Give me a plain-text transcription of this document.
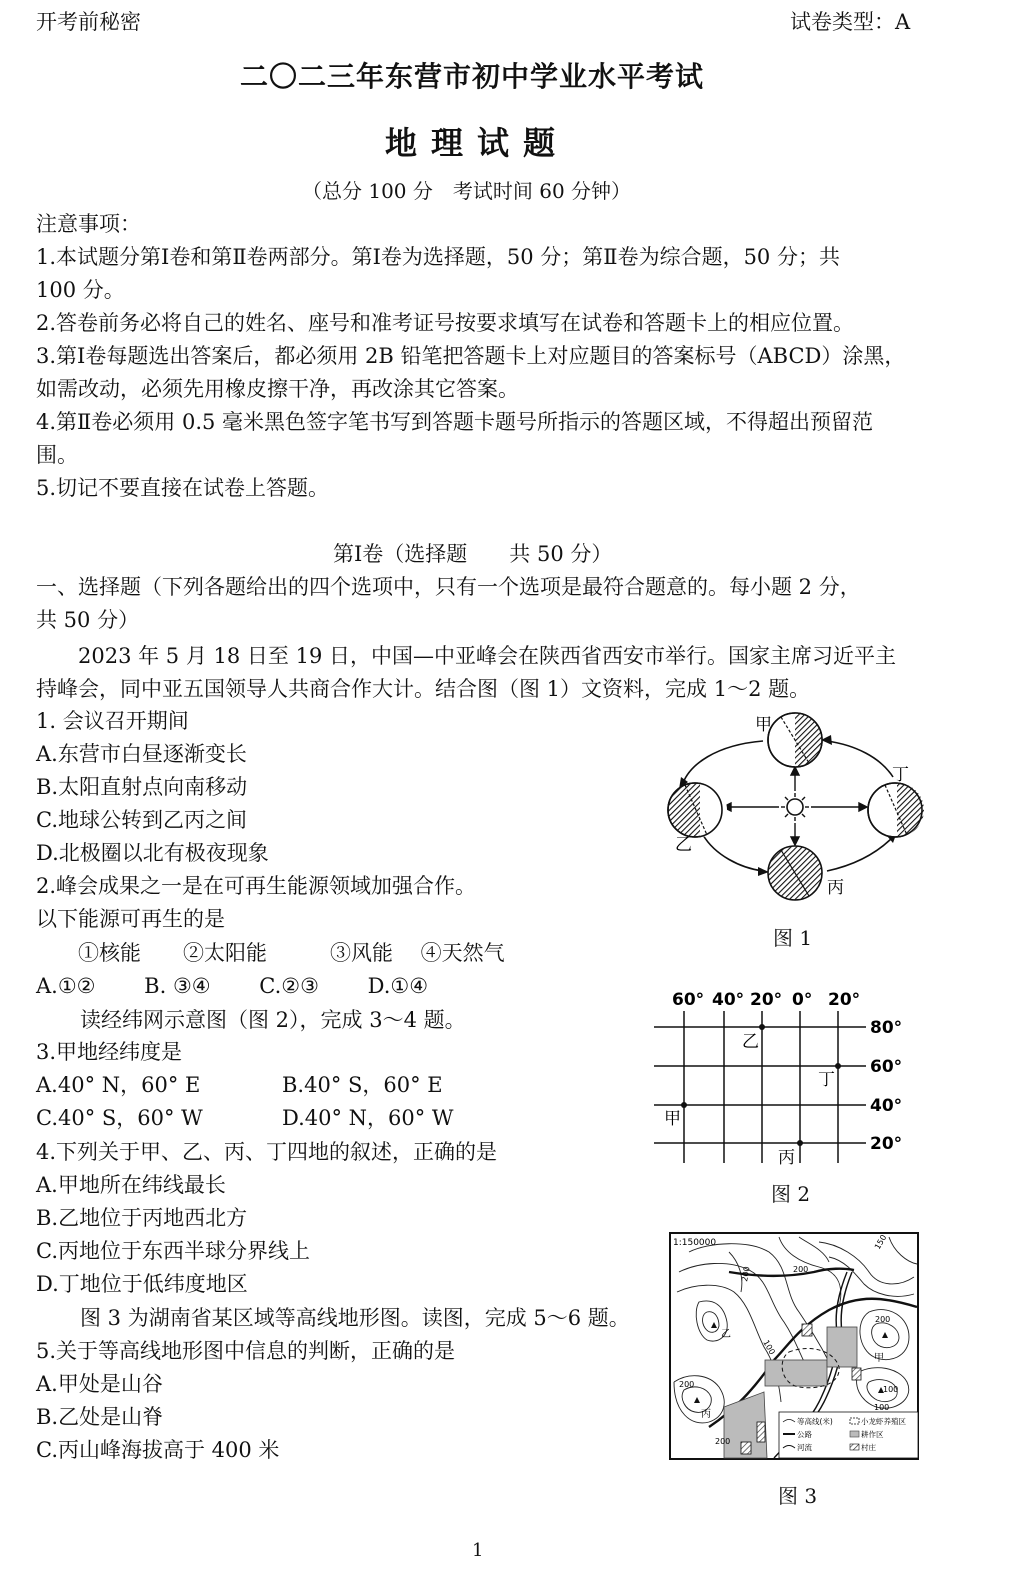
开考前秘密	试卷类型：A
二〇二三年东营市初中学业水平考试
地理试题
（总分 100 分　考试时间 60 分钟）
注意事项：
1.本试题分第Ⅰ卷和第Ⅱ卷两部分。第Ⅰ卷为选择题，50 分；第Ⅱ卷为综合题，50 分；共
100 分。
2.答卷前务必将自己的姓名、座号和准考证号按要求填写在试卷和答题卡上的相应位置。
3.第Ⅰ卷每题选出答案后，都必须用 2B 铅笔把答题卡上对应题目的答案标号（ABCD）涂黑，
如需改动，必须先用橡皮擦干净，再改涂其它答案。
4.第Ⅱ卷必须用 0.5 毫米黑色签字笔书写到答题卡题号所指示的答题区域，不得超出预留范
围。
5.切记不要直接在试卷上答题。
第Ⅰ卷（选择题　　共 50 分）
一、选择题（下列各题给出的四个选项中，只有一个选项是最符合题意的。每小题 2 分，
共 50 分）
2023 年 5 月 18 日至 19 日，中国—中亚峰会在陕西省西安市举行。国家主席习近平主
持峰会，同中亚五国领导人共商合作大计。结合图（图 1）文资料，完成 1～2 题。
1. 会议召开期间
A.东营市白昼逐渐变长
B.太阳直射点向南移动
C.地球公转到乙丙之间
D.北极圈以北有极夜现象
2.峰会成果之一是在可再生能源领域加强合作。
以下能源可再生的是
①核能　　②太阳能　　　③风能　 ④天然气
A.①②　　 B. ③④　　 C.②③　　 D.①④
读经纬网示意图（图 2），完成 3～4 题。
3.甲地经纬度是
A.40° N，60° E	B.40° S，60° E
C.40° S，60° W	D.40° N，60° W
4.下列关于甲、乙、丙、丁四地的叙述，正确的是
A.甲地所在纬线最长
B.乙地位于丙地西北方
C.丙地位于东西半球分界线上
D.丁地位于低纬度地区
图 3 为湖南省某区域等高线地形图。读图，完成 5～6 题。
5.关于等高线地形图中信息的判断，正确的是
A.甲处是山谷
B.乙处是山脊
C.丙山峰海拔高于 400 米
甲
乙
丙
丁
图 1
60° 40° 20° 0° 20°
80°
60°
40°
20°
乙
丁
甲
丙
图 2
1:150000
200	200
100
200
200
150
100
100
200
甲
乙
丙
等高线(米)	小龙虾养殖区
公路	耕作区
河流	村庄
图 3
1
